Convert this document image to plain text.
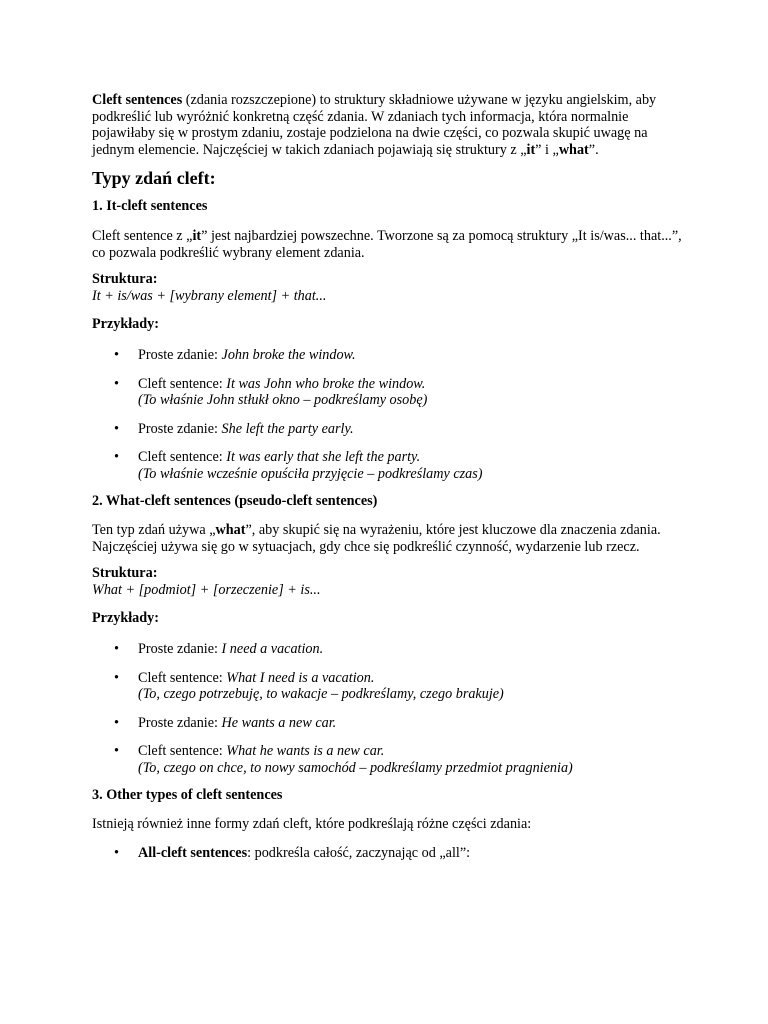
Cleft sentences (zdania rozszczepione) to struktury składniowe używane w języku angielskim, aby podkreślić lub wyróżnić konkretną część zdania. W zdaniach tych informacja, która normalnie pojawiłaby się w prostym zdaniu, zostaje podzielona na dwie części, co pozwala skupić uwagę na jednym elemencie. Najczęściej w takich zdaniach pojawiają się struktury z „it” i „what”.

Typy zdań cleft:
1. It-cleft sentences

Cleft sentence z „it” jest najbardziej powszechne. Tworzone są za pomocą struktury „It is/was... that...”, co pozwala podkreślić wybrany element zdania.

Struktura:
It + is/was + [wybrany element] + that...

Przykłady:

• Proste zdanie: John broke the window.
• Cleft sentence: It was John who broke the window.
(To właśnie John stłukł okno – podkreślamy osobę)
• Proste zdanie: She left the party early.
• Cleft sentence: It was early that she left the party.
(To właśnie wcześnie opuściła przyjęcie – podkreślamy czas)
2. What-cleft sentences (pseudo-cleft sentences)

Ten typ zdań używa „what”, aby skupić się na wyrażeniu, które jest kluczowe dla znaczenia zdania. Najczęściej używa się go w sytuacjach, gdy chce się podkreślić czynność, wydarzenie lub rzecz.

Struktura:
What + [podmiot] + [orzeczenie] + is...

Przykłady:

• Proste zdanie: I need a vacation.
• Cleft sentence: What I need is a vacation.
(To, czego potrzebuję, to wakacje – podkreślamy, czego brakuje)
• Proste zdanie: He wants a new car.
• Cleft sentence: What he wants is a new car.
(To, czego on chce, to nowy samochód – podkreślamy przedmiot pragnienia)
3. Other types of cleft sentences

Istnieją również inne formy zdań cleft, które podkreślają różne części zdania:

• All-cleft sentences: podkreśla całość, zaczynając od „all”:
